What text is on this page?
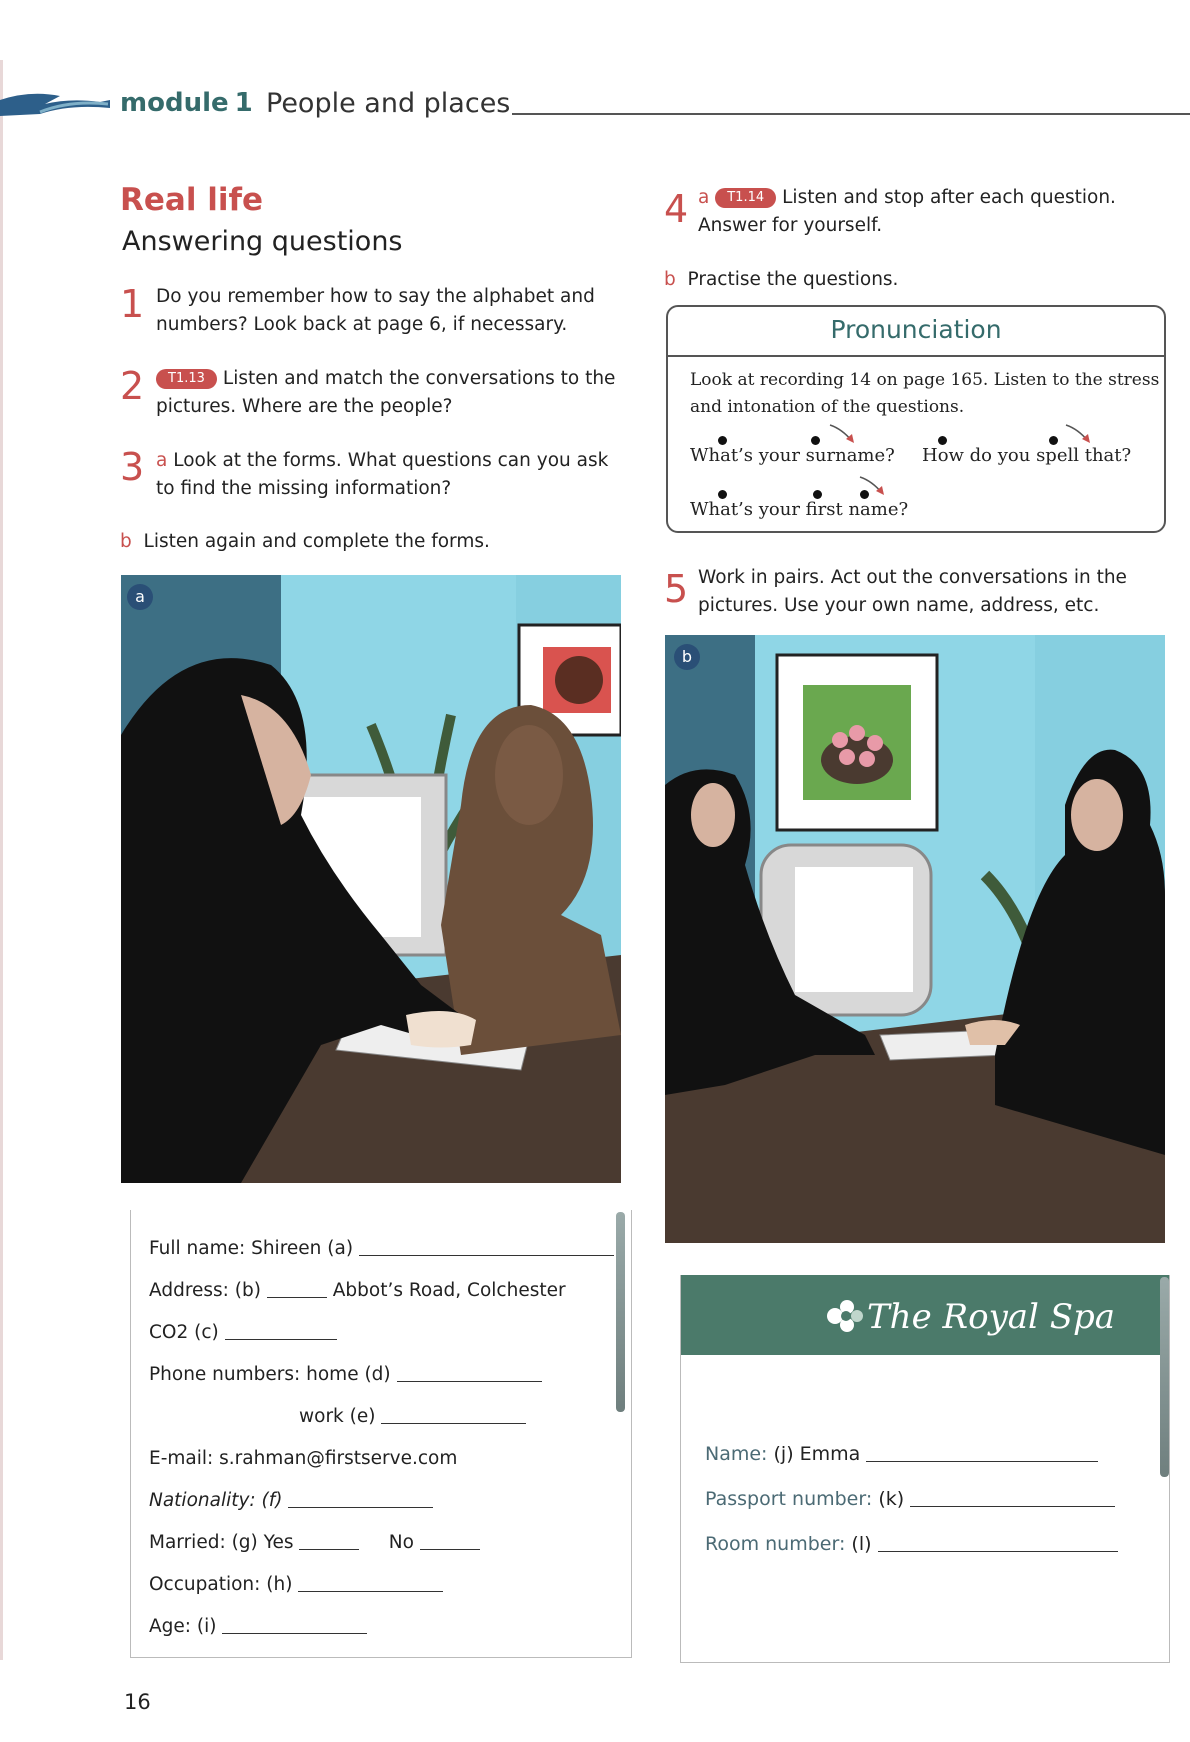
module 1 People and places
Real life
Answering questions
1 Do you remember how to say the alphabet and
numbers? Look back at page 6, if necessary.
2	T1.13 Listen and match the conversations to the
pictures. Where are the people?
3 a Look at the forms. What questions can you ask
to find the missing information?
b Listen again and complete the forms.
a
Full name: Shireen (a)
Address: (b)	Abbot’s Road, Colchester
CO2 (c)
Phone numbers: home (d)
work (e)
E-mail: s.rahman@firstserve.com
Nationality: (f)
Married: (g) Yes	No
Occupation: (h)
Age: (i)
4 a T1.14 Listen and stop after each question.
Answer for yourself.
b Practise the questions.
Pronunciation
Look at recording 14 on page 165. Listen to the stress
and intonation of the questions.
What’s your surname? How do you spell that?
What’s your first name?
5 Work in pairs. Act out the conversations in the
pictures. Use your own name, address, etc.
b
The Royal Spa
Name: (j) Emma
Passport number: (k)
Room number: (l)
16
